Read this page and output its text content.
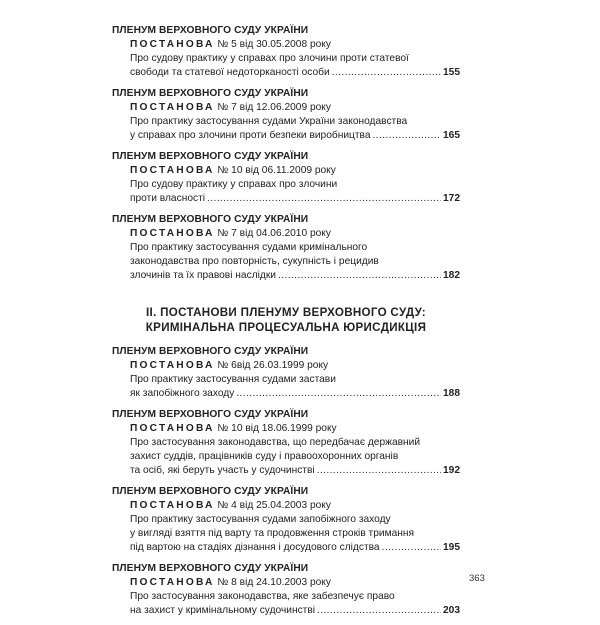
ПЛЕНУМ ВЕРХОВНОГО СУДУ УКРАЇНИ
ПОСТАНОВА № 5 від 30.05.2008 року
Про судову практику у справах про злочини проти статевої
свободи та статевої недоторканості особи .....	155
ПЛЕНУМ ВЕРХОВНОГО СУДУ УКРАЇНИ
ПОСТАНОВА № 7 від 12.06.2009 року
Про практику застосування судами України законодавства
у справах про злочини проти безпеки виробництва .....	165
ПЛЕНУМ ВЕРХОВНОГО СУДУ УКРАЇНИ
ПОСТАНОВА № 10 від 06.11.2009 року
Про судову практику у справах про злочини
проти власності .....	172
ПЛЕНУМ ВЕРХОВНОГО СУДУ УКРАЇНИ
ПОСТАНОВА № 7 від 04.06.2010 року
Про практику застосування судами кримінального
законодавства про повторність, сукупність і рецидив
злочинів та їх правові наслідки .....	182
II. ПОСТАНОВИ ПЛЕНУМУ ВЕРХОВНОГО СУДУ:
КРИМІНАЛЬНА ПРОЦЕСУАЛЬНА ЮРИСДИКЦІЯ
ПЛЕНУМ ВЕРХОВНОГО СУДУ УКРАЇНИ
ПОСТАНОВА № 6від 26.03.1999 року
Про практику застосування судами застави
як запобіжного заходу .....	188
ПЛЕНУМ ВЕРХОВНОГО СУДУ УКРАЇНИ
ПОСТАНОВА № 10 від 18.06.1999 року
Про застосування законодавства, що передбачає державний
захист суддів, працівників суду і правоохоронних органів
та осіб, які беруть участь у судочинстві .....	192
ПЛЕНУМ ВЕРХОВНОГО СУДУ УКРАЇНИ
ПОСТАНОВА № 4 від 25.04.2003 року
Про практику застосування судами запобіжного заходу
у вигляді взяття під варту та продовження строків тримання
під вартою на стадіях дізнання і досудового слідства .....	195
ПЛЕНУМ ВЕРХОВНОГО СУДУ УКРАЇНИ
ПОСТАНОВА № 8 від 24.10.2003 року
Про застосування законодавства, яке забезпечує право
на захист у кримінальному судочинстві .....	203
363
